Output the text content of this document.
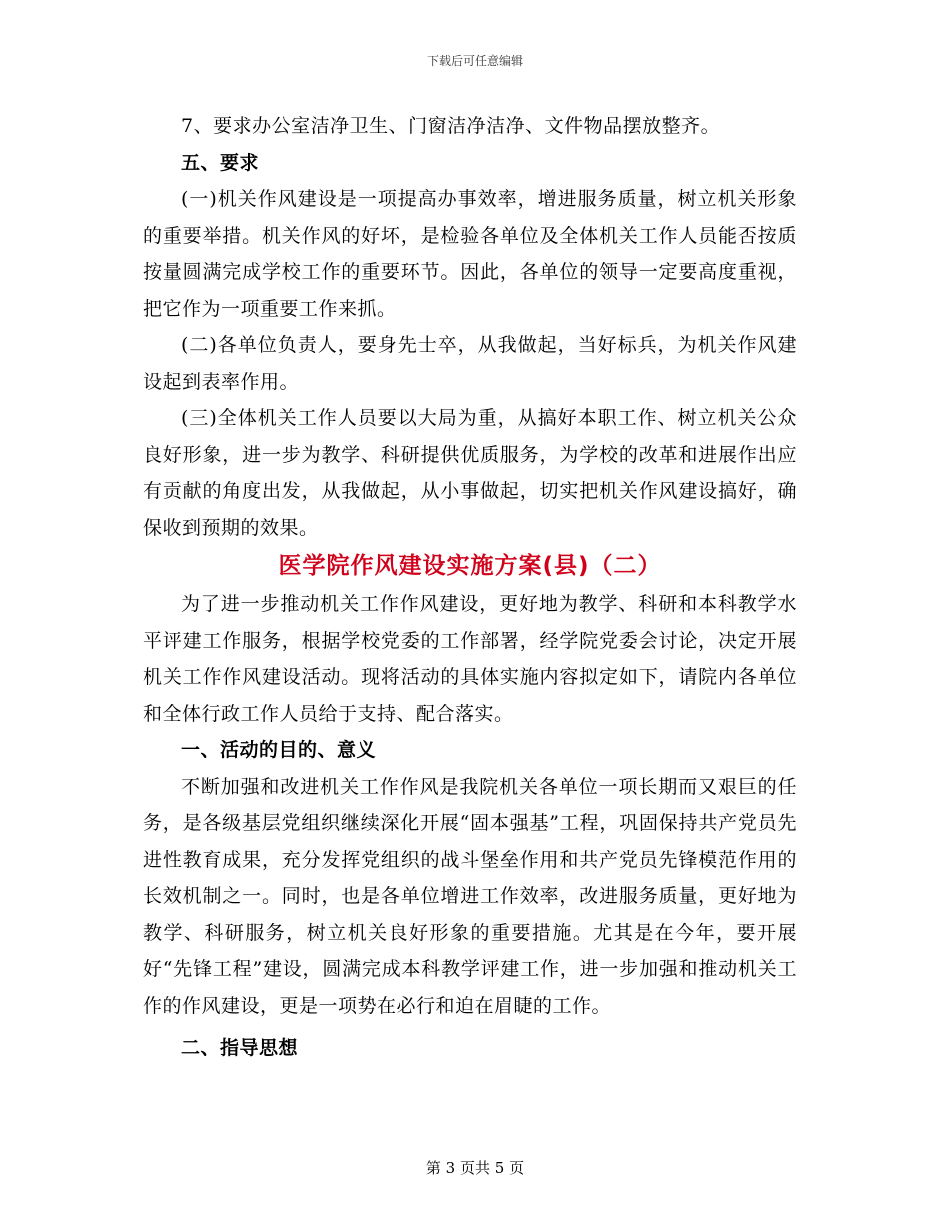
下载后可任意编辑

7、要求办公室洁净卫生、门窗洁净洁净、文件物品摆放整齐。

五、要求

(一)机关作风建设是一项提高办事效率，增进服务质量，树立机关形象的重要举措。机关作风的好坏，是检验各单位及全体机关工作人员能否按质按量圆满完成学校工作的重要环节。因此，各单位的领导一定要高度重视，把它作为一项重要工作来抓。

(二)各单位负责人，要身先士卒，从我做起，当好标兵，为机关作风建设起到表率作用。

(三)全体机关工作人员要以大局为重，从搞好本职工作、树立机关公众良好形象，进一步为教学、科研提供优质服务，为学校的改革和进展作出应有贡献的角度出发，从我做起，从小事做起，切实把机关作风建设搞好，确保收到预期的效果。

医学院作风建设实施方案(县)（二）

为了进一步推动机关工作作风建设，更好地为教学、科研和本科教学水平评建工作服务，根据学校党委的工作部署，经学院党委会讨论，决定开展机关工作作风建设活动。现将活动的具体实施内容拟定如下，请院内各单位和全体行政工作人员给于支持、配合落实。

一、活动的目的、意义

不断加强和改进机关工作作风是我院机关各单位一项长期而又艰巨的任务，是各级基层党组织继续深化开展“固本强基”工程，巩固保持共产党员先进性教育成果，充分发挥党组织的战斗堡垒作用和共产党员先锋模范作用的长效机制之一。同时，也是各单位增进工作效率，改进服务质量，更好地为教学、科研服务，树立机关良好形象的重要措施。尤其是在今年，要开展好“先锋工程”建设，圆满完成本科教学评建工作，进一步加强和推动机关工作的作风建设，更是一项势在必行和迫在眉睫的工作。

二、指导思想

第 3 页共 5 页
